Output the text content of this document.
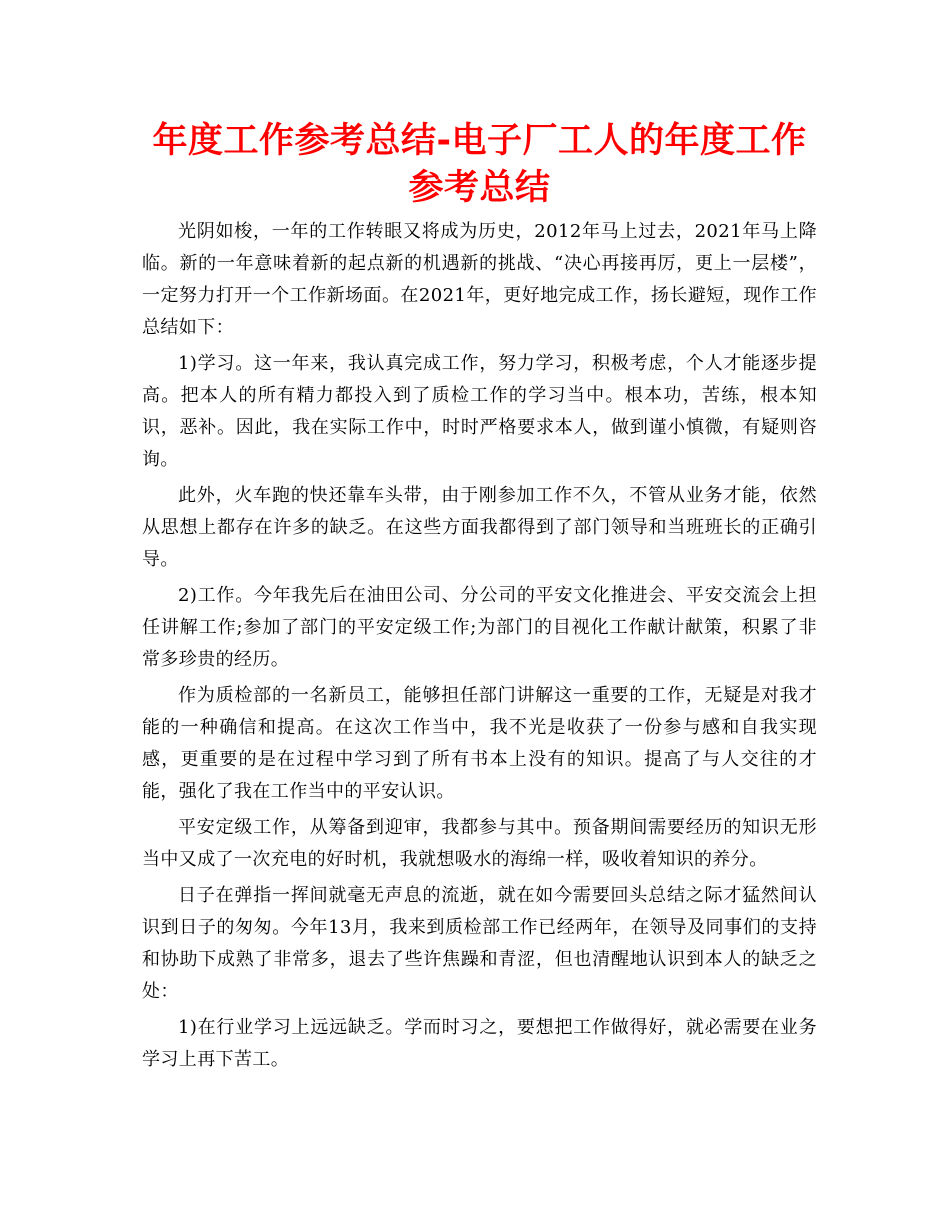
年度工作参考总结-电子厂工人的年度工作参考总结

光阴如梭，一年的工作转眼又将成为历史，2012年马上过去，2021年马上降临。新的一年意味着新的起点新的机遇新的挑战、“决心再接再厉，更上一层楼”，一定努力打开一个工作新场面。在2021年，更好地完成工作，扬长避短，现作工作总结如下：

1)学习。这一年来，我认真完成工作，努力学习，积极考虑，个人才能逐步提高。把本人的所有精力都投入到了质检工作的学习当中。根本功，苦练，根本知识，恶补。因此，我在实际工作中，时时严格要求本人，做到谨小慎微，有疑则咨询。

此外，火车跑的快还靠车头带，由于刚参加工作不久，不管从业务才能，依然从思想上都存在许多的缺乏。在这些方面我都得到了部门领导和当班班长的正确引导。

2)工作。今年我先后在油田公司、分公司的平安文化推进会、平安交流会上担任讲解工作;参加了部门的平安定级工作;为部门的目视化工作献计献策，积累了非常多珍贵的经历。

作为质检部的一名新员工，能够担任部门讲解这一重要的工作，无疑是对我才能的一种确信和提高。在这次工作当中，我不光是收获了一份参与感和自我实现感，更重要的是在过程中学习到了所有书本上没有的知识。提高了与人交往的才能，强化了我在工作当中的平安认识。

平安定级工作，从筹备到迎审，我都参与其中。预备期间需要经历的知识无形当中又成了一次充电的好时机，我就想吸水的海绵一样，吸收着知识的养分。

日子在弹指一挥间就毫无声息的流逝，就在如今需要回头总结之际才猛然间认识到日子的匆匆。今年13月，我来到质检部工作已经两年，在领导及同事们的支持和协助下成熟了非常多，退去了些许焦躁和青涩，但也清醒地认识到本人的缺乏之处：

1)在行业学习上远远缺乏。学而时习之，要想把工作做得好，就必需要在业务学习上再下苦工。
